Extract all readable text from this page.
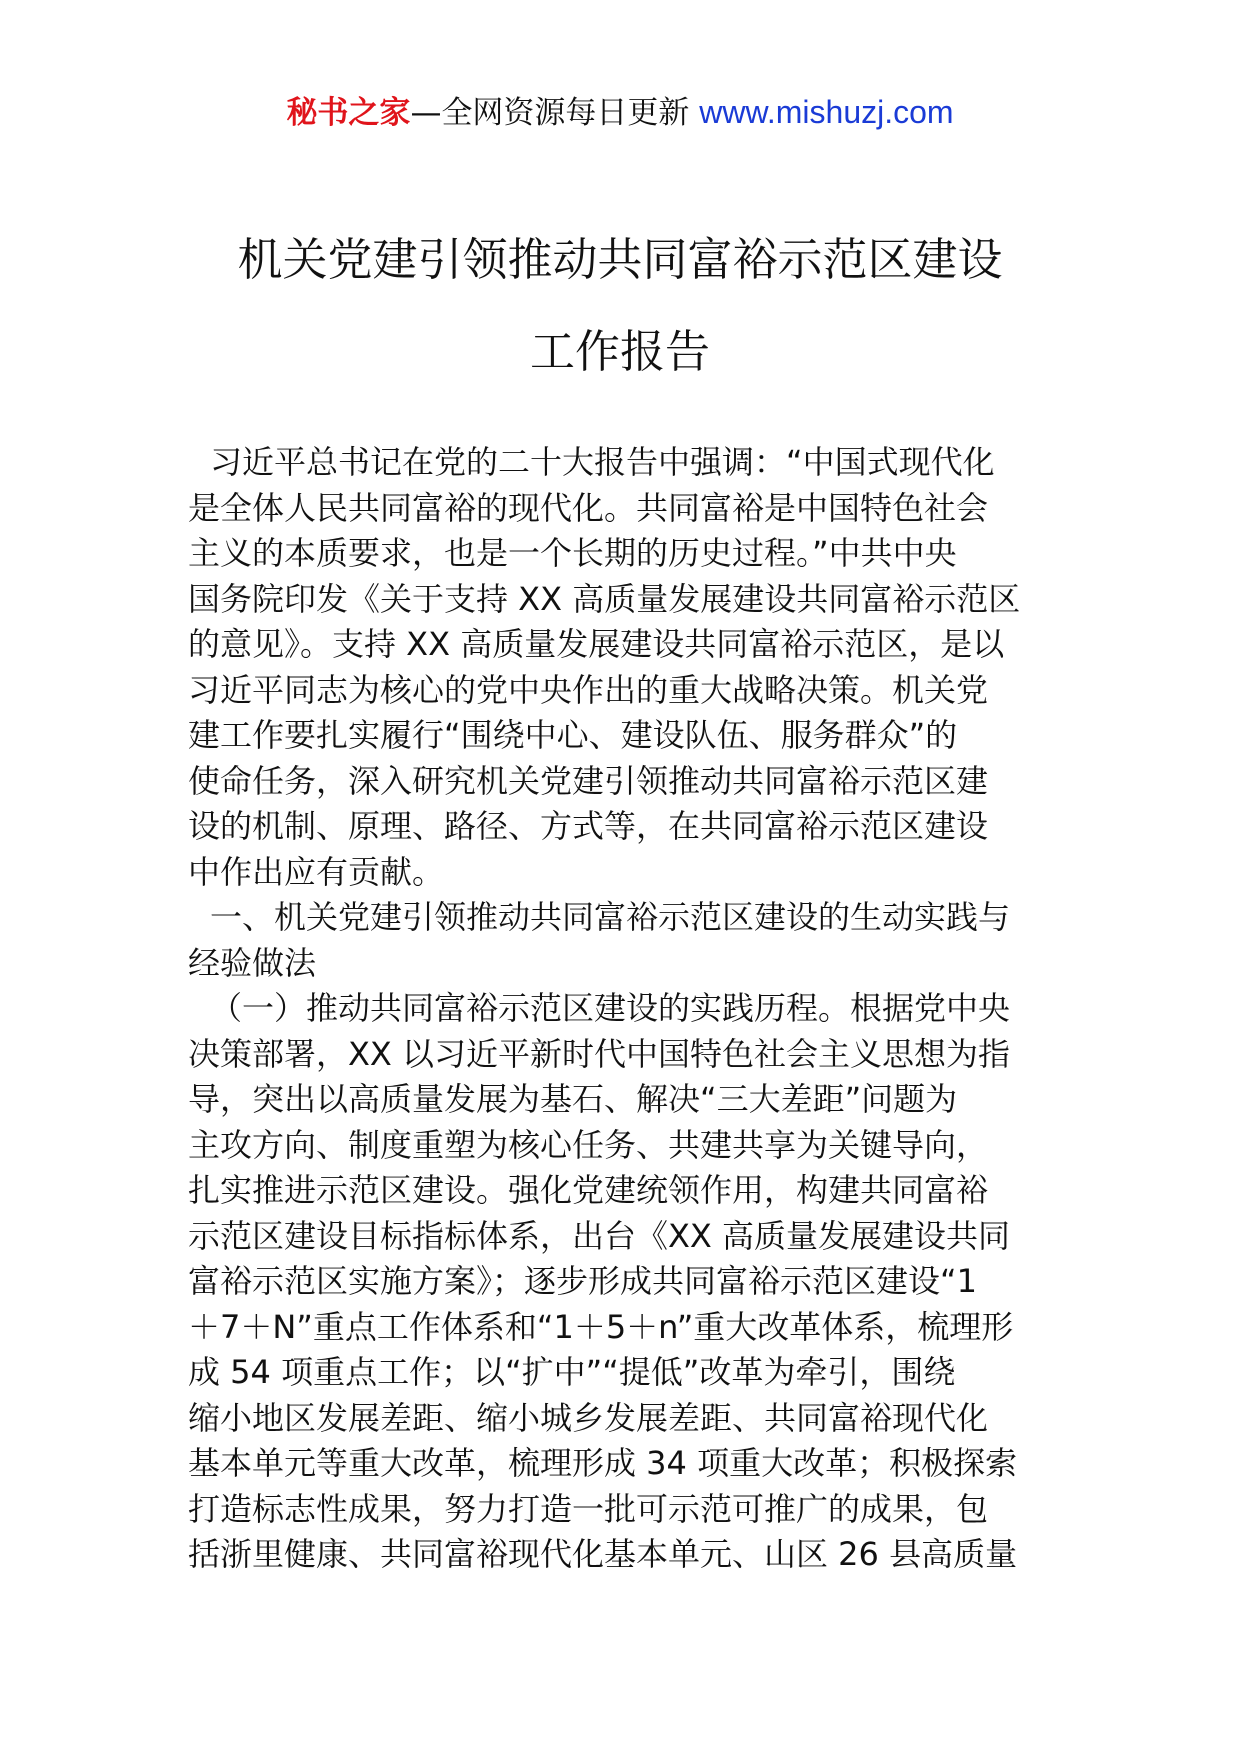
秘书之家—全网资源每日更新 www.mishuzj.com
机关党建引领推动共同富裕示范区建设
工作报告
习近平总书记在党的二十大报告中强调：“中国式现代化
是全体人民共同富裕的现代化。共同富裕是中国特色社会
主义的本质要求，也是一个长期的历史过程。”中共中央
国务院印发《关于支持 XX 高质量发展建设共同富裕示范区
的意见》。支持 XX 高质量发展建设共同富裕示范区，是以
习近平同志为核心的党中央作出的重大战略决策。机关党
建工作要扎实履行“围绕中心、建设队伍、服务群众”的
使命任务，深入研究机关党建引领推动共同富裕示范区建
设的机制、原理、路径、方式等，在共同富裕示范区建设
中作出应有贡献。
一、机关党建引领推动共同富裕示范区建设的生动实践与
经验做法
（一）推动共同富裕示范区建设的实践历程。根据党中央
决策部署，XX 以习近平新时代中国特色社会主义思想为指
导，突出以高质量发展为基石、解决“三大差距”问题为
主攻方向、制度重塑为核心任务、共建共享为关键导向，
扎实推进示范区建设。强化党建统领作用，构建共同富裕
示范区建设目标指标体系，出台《XX 高质量发展建设共同
富裕示范区实施方案》；逐步形成共同富裕示范区建设“1
＋7＋N”重点工作体系和“1＋5＋n”重大改革体系，梳理形
成 54 项重点工作；以“扩中”“提低”改革为牵引，围绕
缩小地区发展差距、缩小城乡发展差距、共同富裕现代化
基本单元等重大改革，梳理形成 34 项重大改革；积极探索
打造标志性成果，努力打造一批可示范可推广的成果，包
括浙里健康、共同富裕现代化基本单元、山区 26 县高质量
